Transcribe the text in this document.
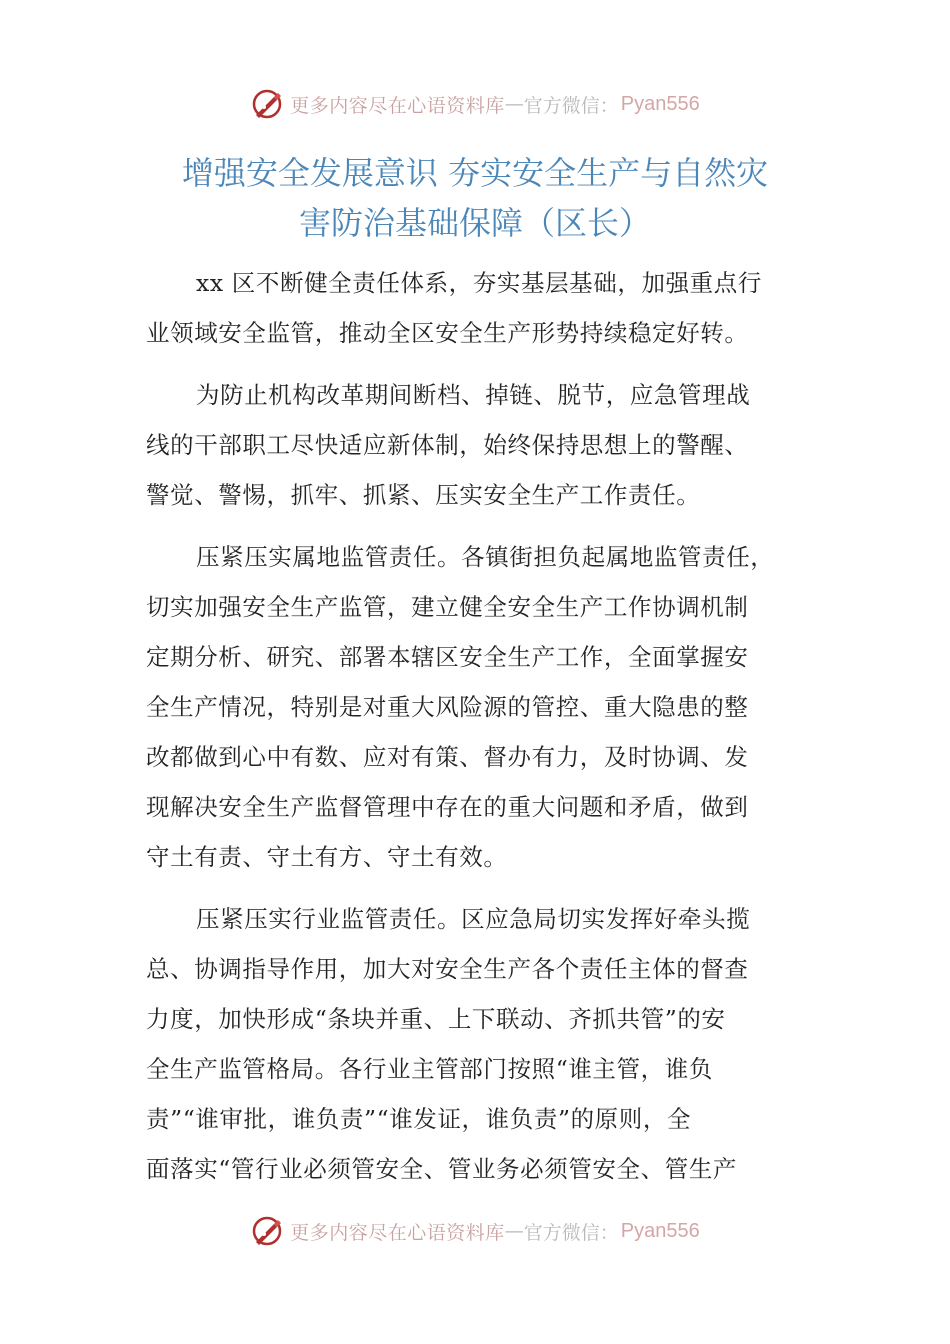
更多内容尽在心语资料库 — 官方微信： Pyan556
增强安全发展意识 夯实安全生产与自然灾
害防治基础保障（区长）
xx 区不断健全责任体系，夯实基层基础，加强重点行
业领域安全监管，推动全区安全生产形势持续稳定好转。
为防止机构改革期间断档、掉链、脱节，应急管理战
线的干部职工尽快适应新体制，始终保持思想上的警醒、
警觉、警惕，抓牢、抓紧、压实安全生产工作责任。
压紧压实属地监管责任。各镇街担负起属地监管责任，
切实加强安全生产监管，建立健全安全生产工作协调机制
定期分析、研究、部署本辖区安全生产工作，全面掌握安
全生产情况，特别是对重大风险源的管控、重大隐患的整
改都做到心中有数、应对有策、督办有力，及时协调、发
现解决安全生产监督管理中存在的重大问题和矛盾，做到
守土有责、守土有方、守土有效。
压紧压实行业监管责任。区应急局切实发挥好牵头揽
总、协调指导作用，加大对安全生产各个责任主体的督查
力度，加快形成“条块并重、上下联动、齐抓共管”的安
全生产监管格局。各行业主管部门按照“谁主管，谁负
责”“谁审批，谁负责”“谁发证，谁负责”的原则，全
面落实“管行业必须管安全、管业务必须管安全、管生产
更多内容尽在心语资料库 — 官方微信： Pyan556
